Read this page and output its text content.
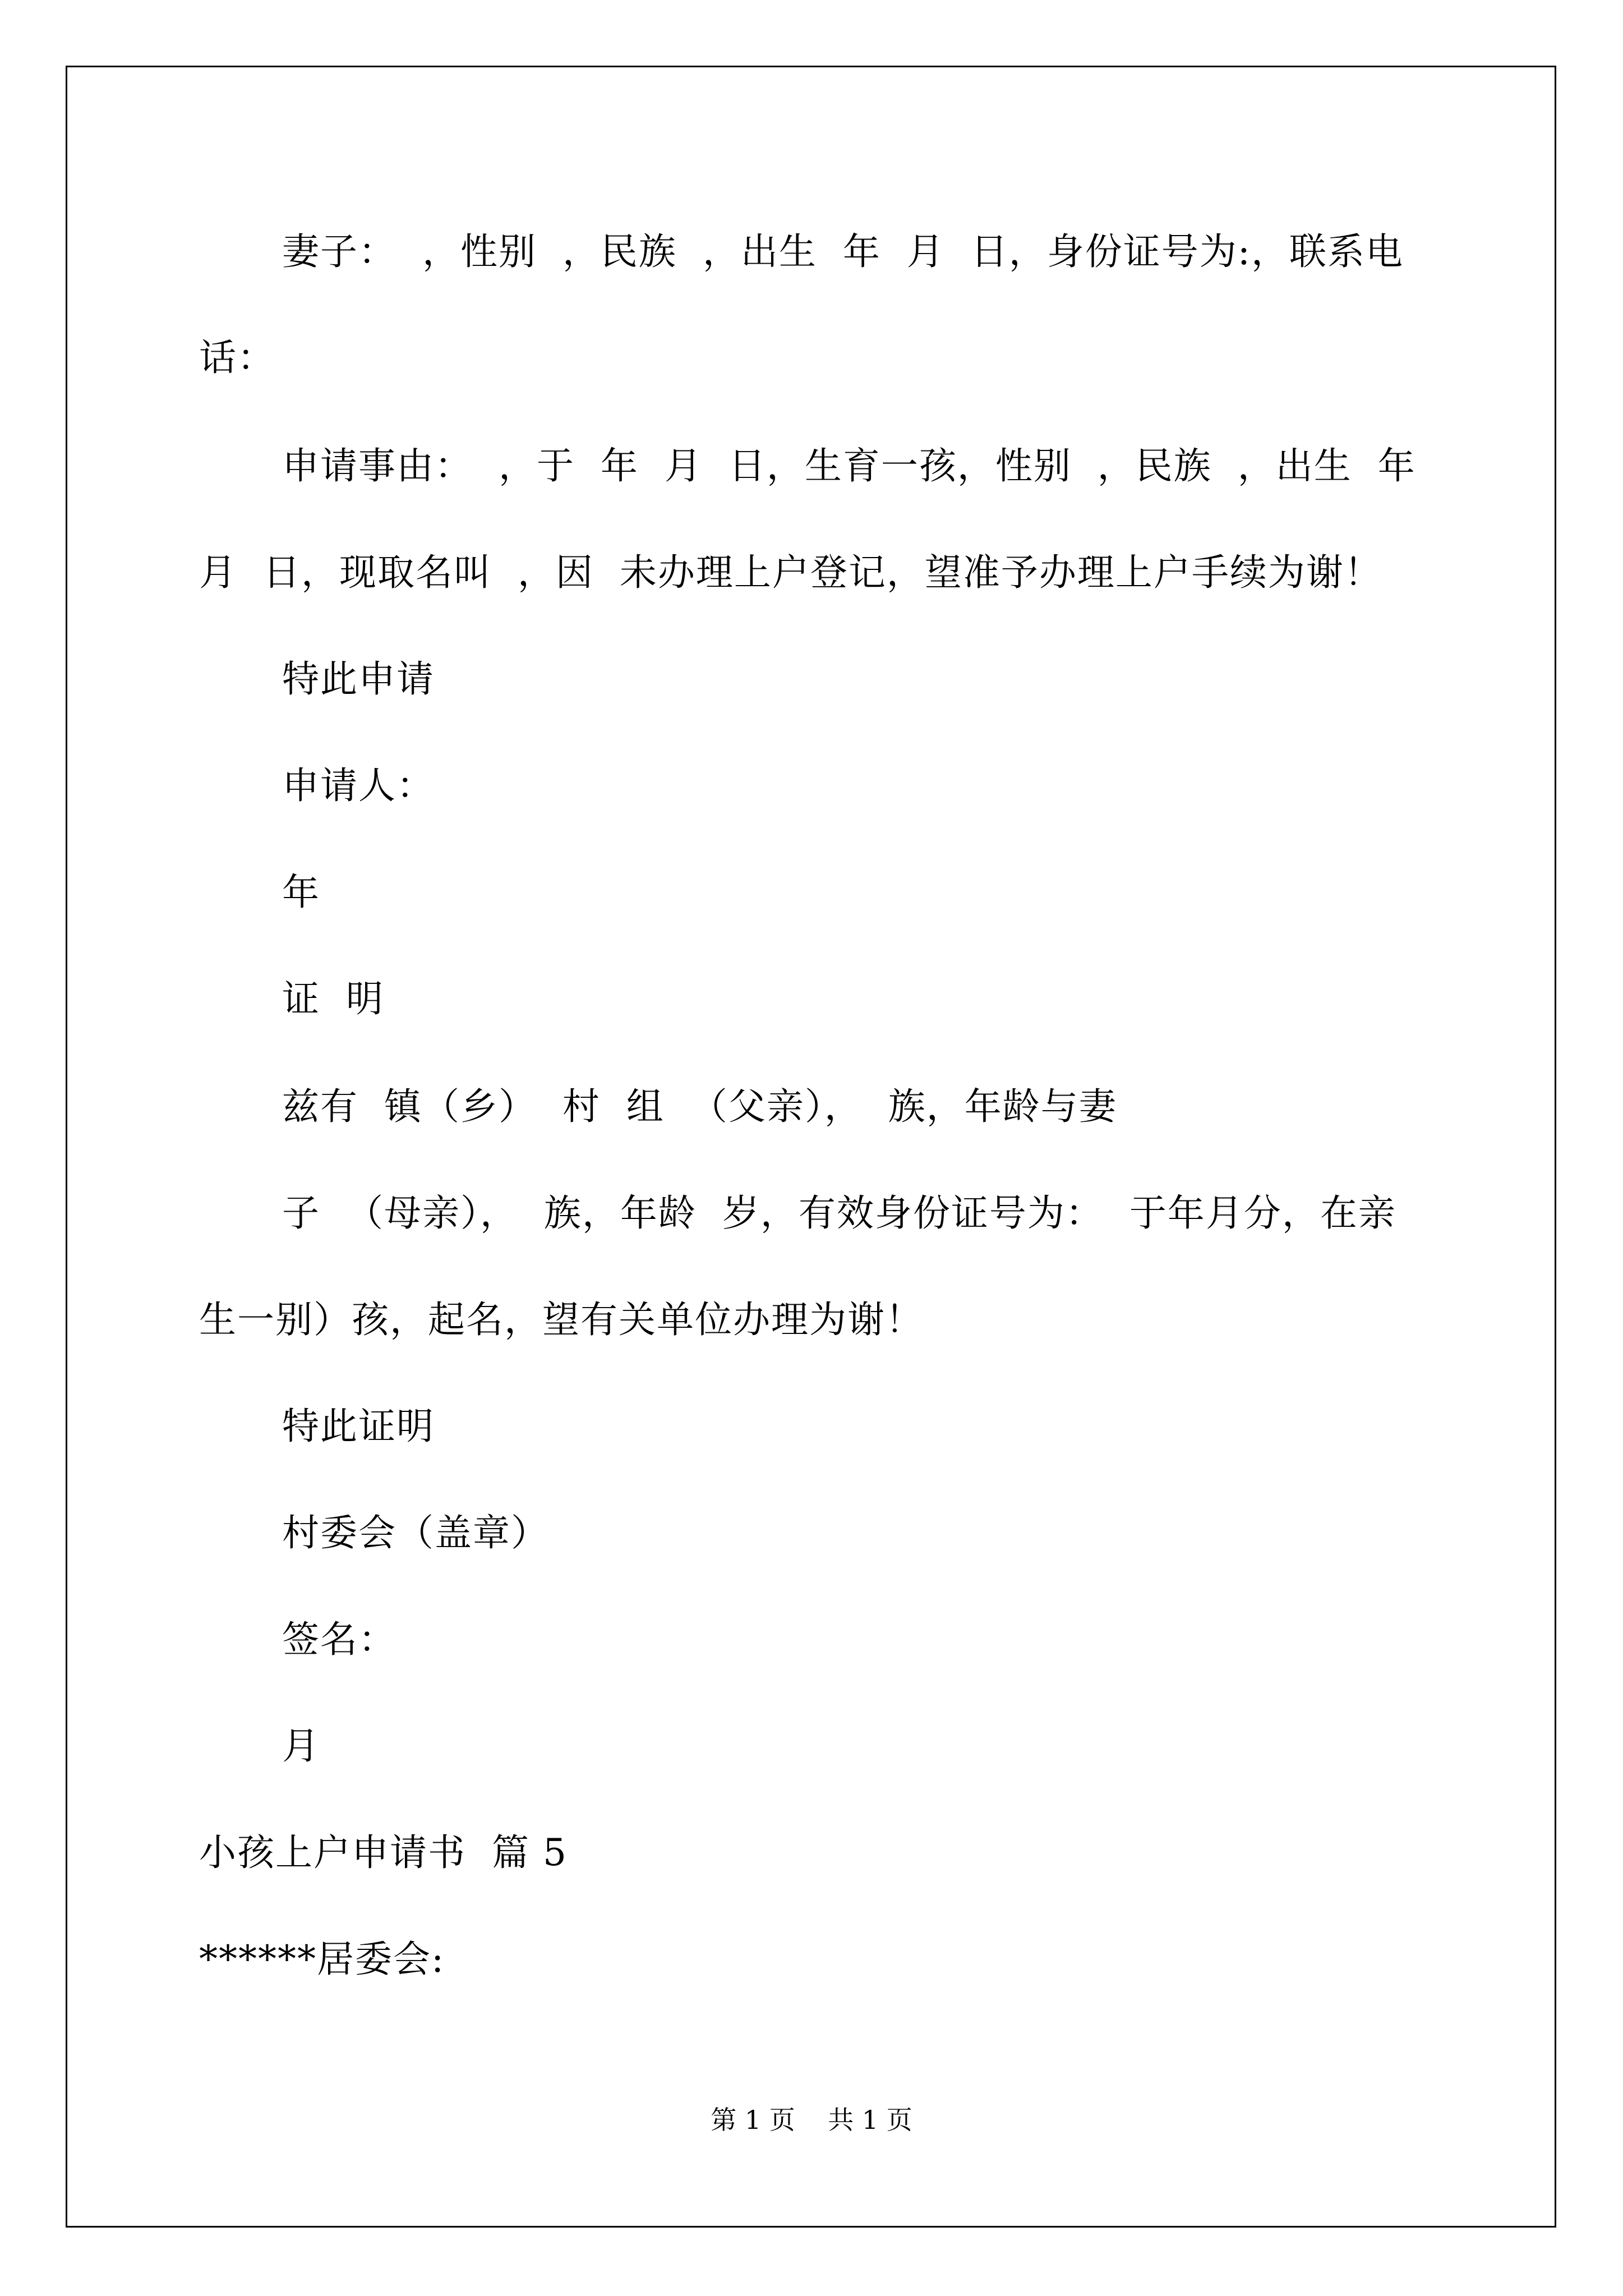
妻子：  ，性别  ，民族  ，出生  年  月  日，身份证号为:，联系电
话：
申请事由：  ，于  年  月  日，生育一孩，性别  ，民族  ，出生  年
月  日，现取名叫  ，因  未办理上户登记，望准予办理上户手续为谢！
特此申请
申请人：
年
证  明
兹有  镇（乡）  村  组  （父亲），  族，年龄与妻
子  （母亲），  族，年龄  岁，有效身份证号为：  于年月分，在亲
生一别）孩，起名，望有关单位办理为谢！
特此证明
村委会（盖章）
签名：
月
小孩上户申请书  篇 5
******居委会:
第 1 页    共 1 页
